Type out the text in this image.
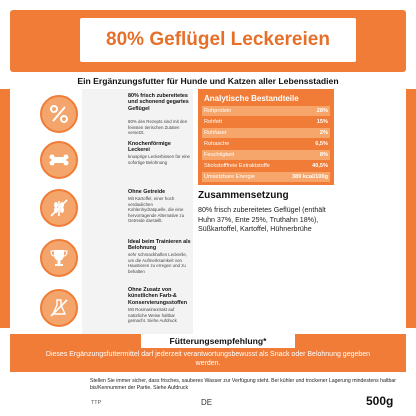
80% Geflügel Leckereien
Ein Ergänzungsfutter für Hunde und Katzen aller Lebensstadien
80% frisch zubereitetes und schonend gegartes Geflügel
80% des Rezepts sind mit den feinsten tierischen Zutaten versetzt.
Knochenförmige Leckerei
knusprige Leckerbissen für eine sofortige Belohnung
Ohne Getreide
Mit Kartoffel, einer hoch verdaulichen Kohlenhydratquelle, die eine hervorragende Alternative zu Getreide darstellt.
Ideal beim Trainieren als Belohnung
sehr schmackhaftes Leckerlie, um die Aufmerksamkeit von Haustieren zu erregen und zu behalten
Ohne Zusatz von künstlichen Farb-& Konservierungsstoffen
Mit Rosmarinextrakt auf natürliche Weise haltbar gemacht. Siehe Aufdruck
Analytische Bestandteile
Rohprotein	28%
Rohfett	15%
Rohfaser	2%
Rohasche	6,5%
Feuchtigkeit	8%
Stickstofffreie Extraktstoffe	40,5%
Umsetzbare Energie	389 kcal/100g
Zusammensetzung
80% frisch zubereitetes Geflügel (enthält Huhn 37%, Ente 25%, Truthahn 18%), Süßkartoffel, Kartoffel, Hühnerbrühe
Fütterungsempfehlung*
Dieses Ergänzungsfuttermittel darf jederzeit verantwortungsbewusst als Snack oder Belohnung gegeben werden.
Stellen Sie immer sicher, dass frisches, sauberes Wasser zur Verfügung steht. Bei kühler und trockener Lagerung mindestens haltbar bis/Kennummer der Partie. Siehe Aufdruck
TTP	DE	500g
